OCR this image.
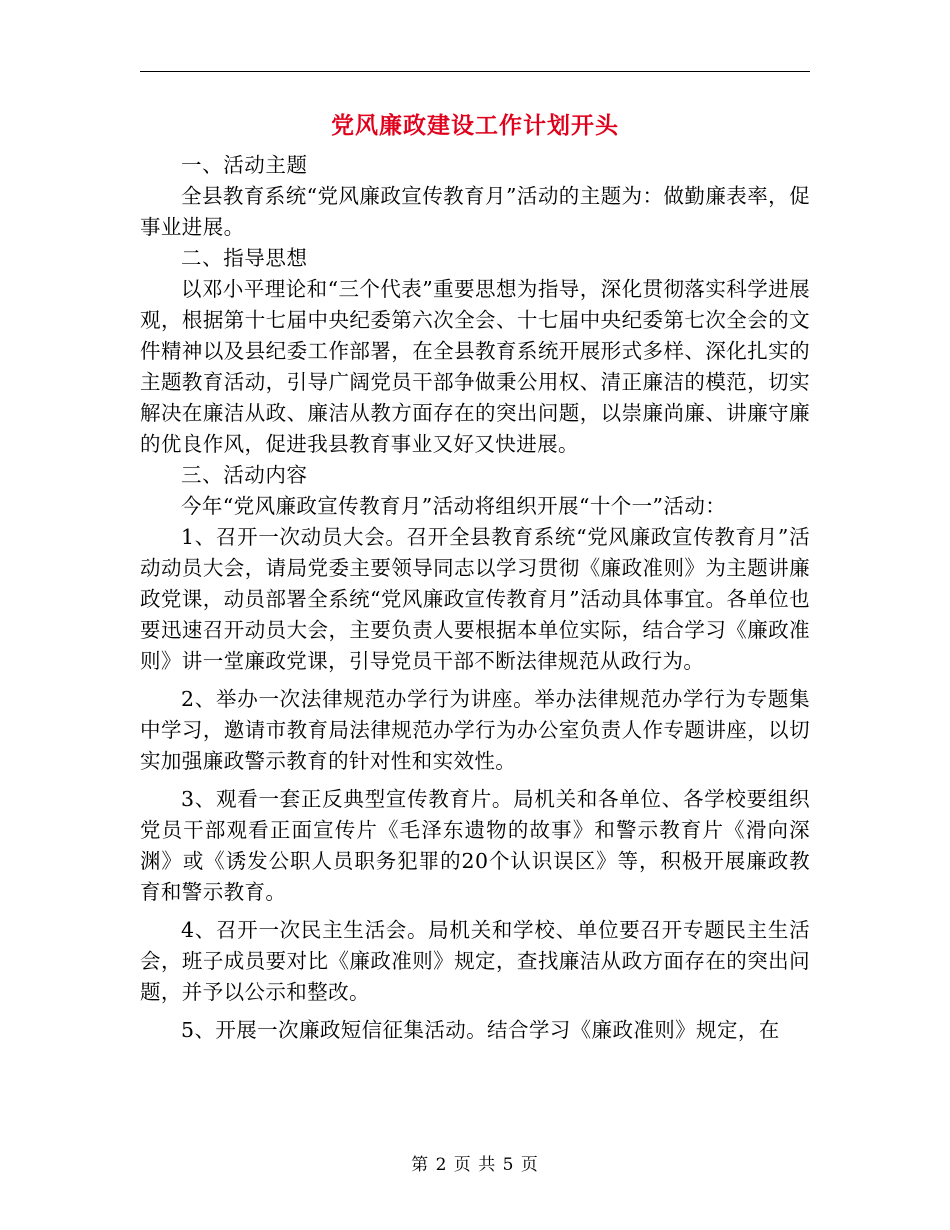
党风廉政建设工作计划开头

一、活动主题

全县教育系统“党风廉政宣传教育月”活动的主题为：做勤廉表率，促事业进展。

二、指导思想

以邓小平理论和“三个代表”重要思想为指导，深化贯彻落实科学进展观，根据第十七届中央纪委第六次全会、十七届中央纪委第七次全会的文件精神以及县纪委工作部署，在全县教育系统开展形式多样、深化扎实的主题教育活动，引导广阔党员干部争做秉公用权、清正廉洁的模范，切实解决在廉洁从政、廉洁从教方面存在的突出问题，以崇廉尚廉、讲廉守廉的优良作风，促进我县教育事业又好又快进展。

三、活动内容

今年“党风廉政宣传教育月”活动将组织开展“十个一”活动：

1、召开一次动员大会。召开全县教育系统“党风廉政宣传教育月”活动动员大会，请局党委主要领导同志以学习贯彻《廉政准则》为主题讲廉政党课，动员部署全系统“党风廉政宣传教育月”活动具体事宜。各单位也要迅速召开动员大会，主要负责人要根据本单位实际，结合学习《廉政准则》讲一堂廉政党课，引导党员干部不断法律规范从政行为。

2、举办一次法律规范办学行为讲座。举办法律规范办学行为专题集中学习，邀请市教育局法律规范办学行为办公室负责人作专题讲座，以切实加强廉政警示教育的针对性和实效性。

3、观看一套正反典型宣传教育片。局机关和各单位、各学校要组织党员干部观看正面宣传片《毛泽东遗物的故事》和警示教育片《滑向深渊》或《诱发公职人员职务犯罪的20个认识误区》等，积极开展廉政教育和警示教育。

4、召开一次民主生活会。局机关和学校、单位要召开专题民主生活会，班子成员要对比《廉政准则》规定，查找廉洁从政方面存在的突出问题，并予以公示和整改。

5、开展一次廉政短信征集活动。结合学习《廉政准则》规定，在

第 2 页 共 5 页
